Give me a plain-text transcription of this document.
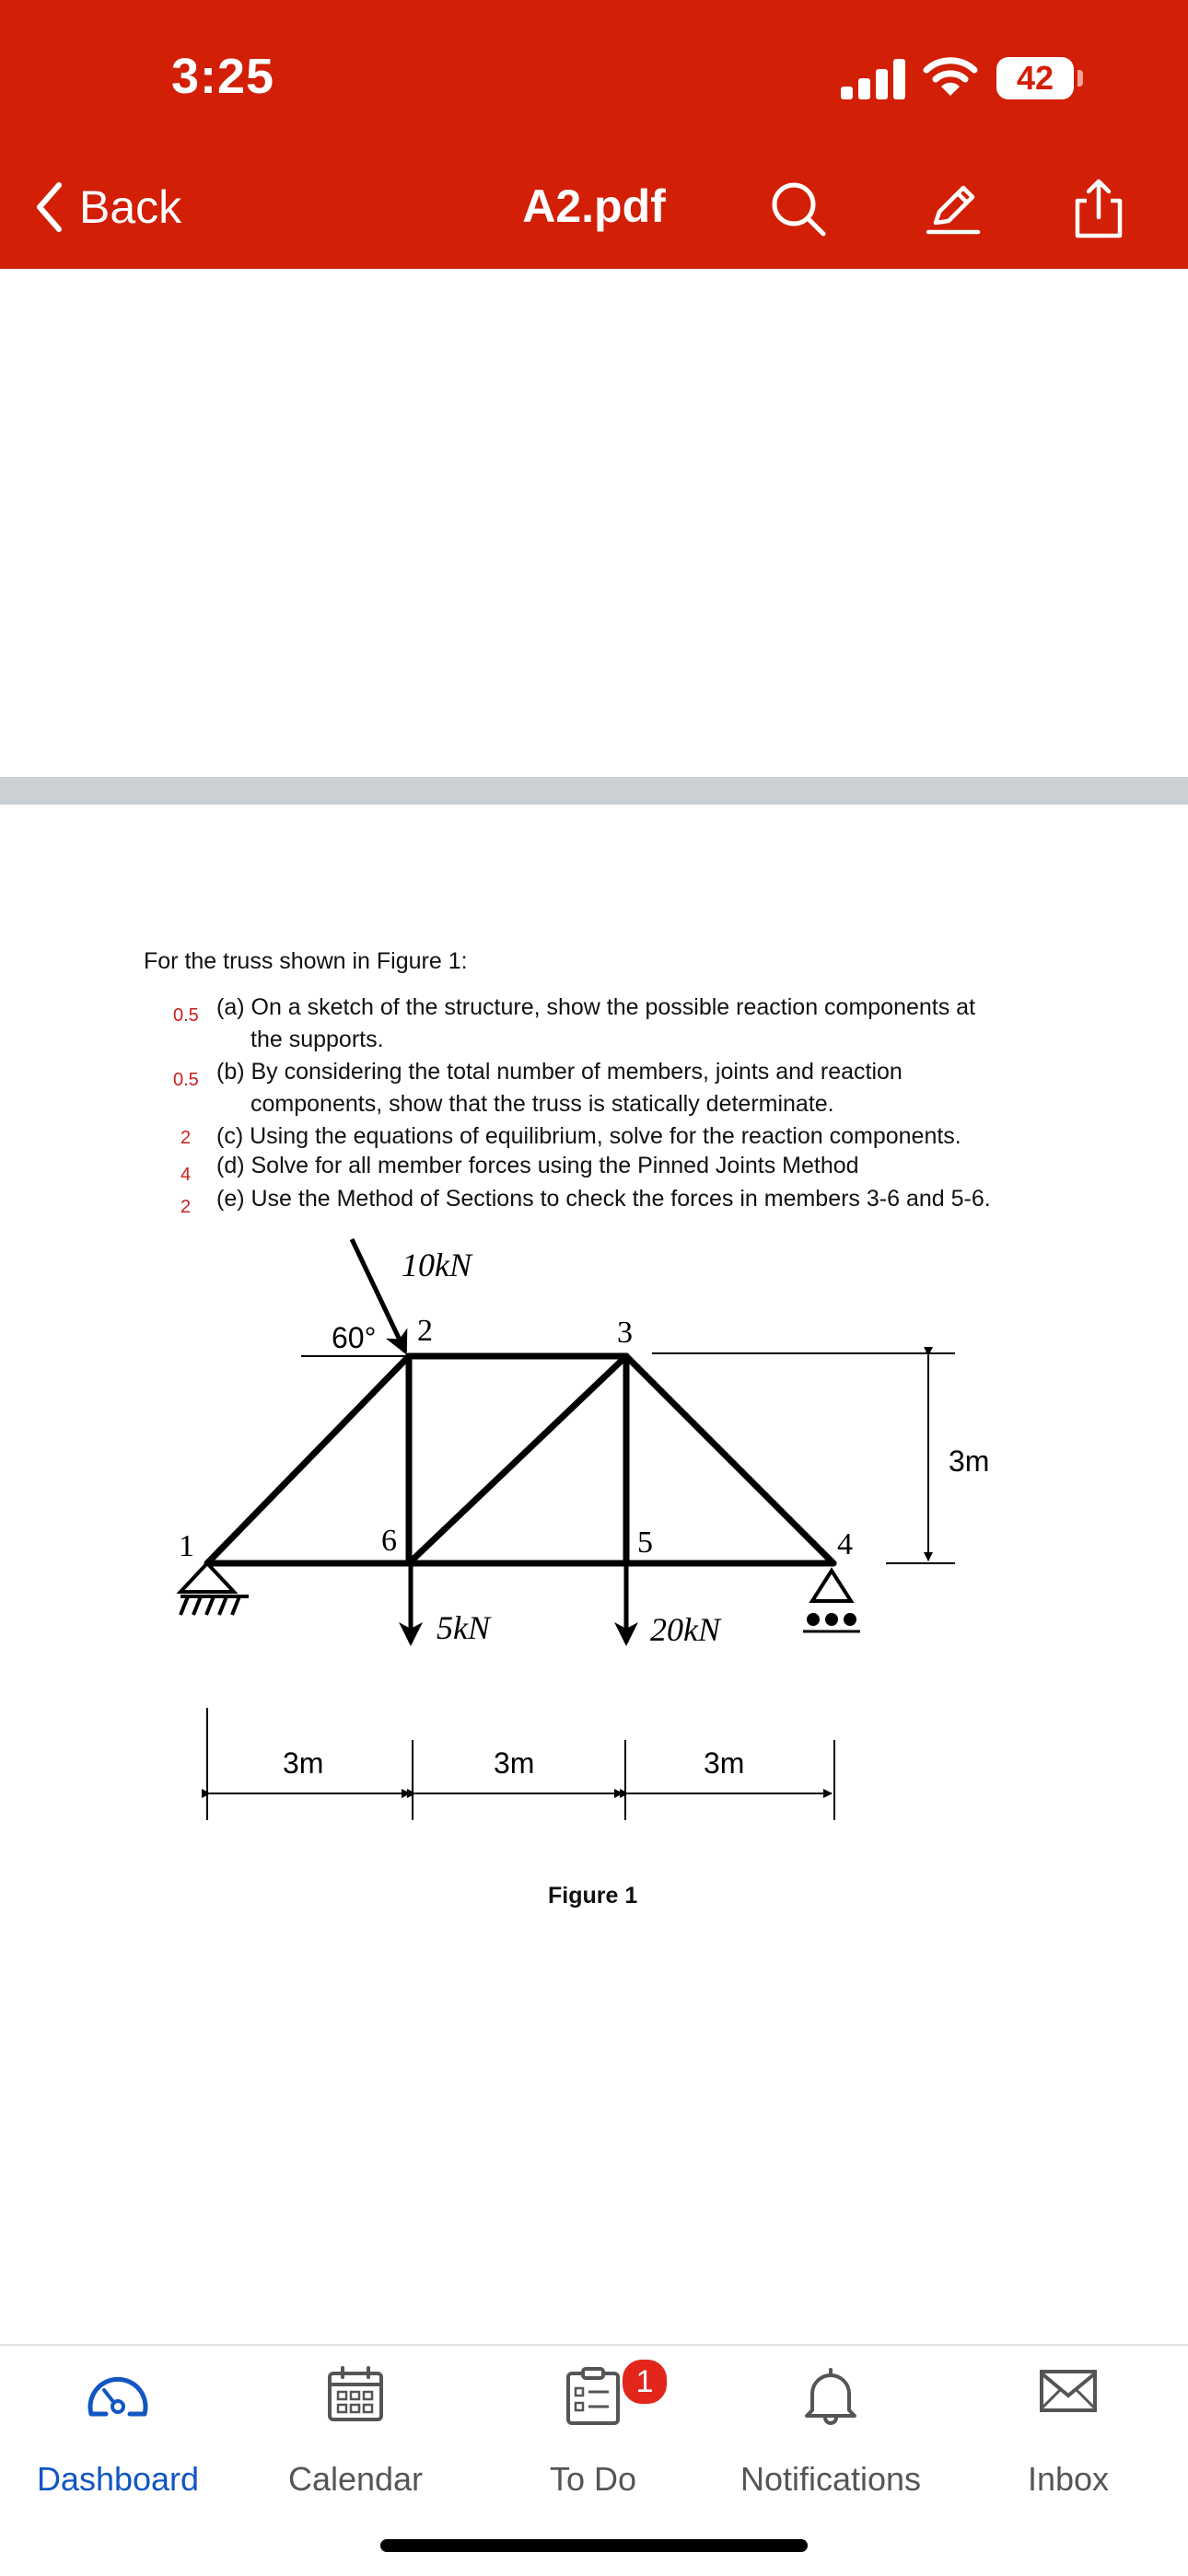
3:25	42
Back	A2.pdf
For the truss shown in Figure 1:
0.5 (a) On a sketch of the structure, show the possible reaction components at
the supports.
0.5 (b) By considering the total number of members, joints and reaction
components, show that the truss is statically determinate.
2 (c) Using the equations of equilibrium, solve for the reaction components.
4 (d) Solve for all member forces using the Pinned Joints Method
2 (e) Use the Method of Sections to check the forces in members 3-6 and 5-6.
1
2	3
4
5
6
10kN
5kN	20kN
60°
3m
3m	3m	3m
Figure 1
Dashboard	Calendar
1
To Do	Notifications	Inbox
